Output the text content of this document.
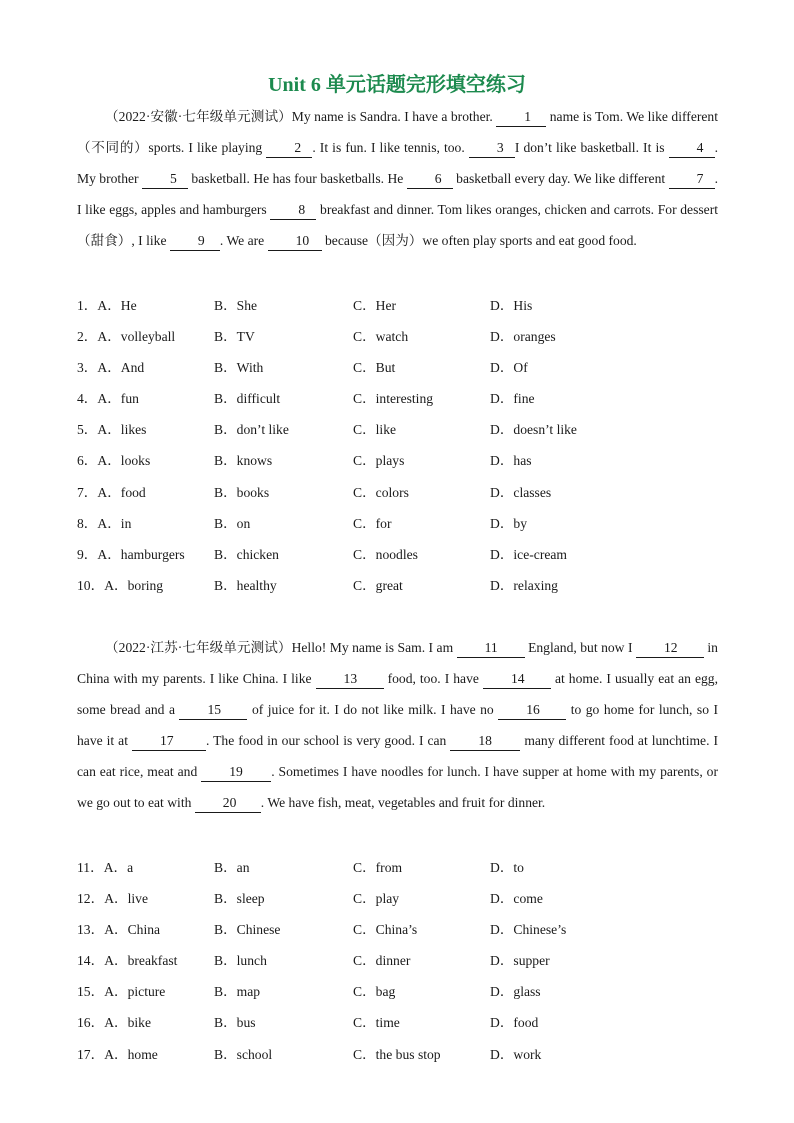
Unit 6 单元话题完形填空练习
（2022·安徽·七年级单元测试）My name is Sandra. I have a brother. 1 name is Tom. We like different（不同的）sports. I like playing 2 . It is fun. I like tennis, too. 3 I don’t like basketball. It is 4 . My brother 5 basketball. He has four basketballs. He 6 basketball every day. We like different 7 . I like eggs, apples and hamburgers 8 breakfast and dinner. Tom likes oranges, chicken and carrots. For dessert（甜食）, I like 9 . We are 10 because（因为）we often play sports and eat good food.
1．A．He	B．She	C．Her	D．His
2．A．volleyball	B．TV	C．watch	D．oranges
3．A．And	B．With	C．But	D．Of
4．A．fun	B．difficult	C．interesting	D．fine
5．A．likes	B．don’t like	C．like	D．doesn’t like
6．A．looks	B．knows	C．plays	D．has
7．A．food	B．books	C．colors	D．classes
8．A．in	B．on	C．for	D．by
9．A．hamburgers B．chicken	C．noodles	D．ice-cream
10．A．boring	B．healthy	C．great	D．relaxing
（2022·江苏·七年级单元测试）Hello! My name is Sam. I am 11 England, but now I 12 in China with my parents. I like China. I like 13 food, too. I have 14 at home. I usually eat an egg, some bread and a 15 of juice for it. I do not like milk. I have no 16 to go home for lunch, so I have it at 17 . The food in our school is very good. I can 18 many different food at lunchtime. I can eat rice, meat and 19 . Sometimes I have noodles for lunch. I have supper at home with my parents, or we go out to eat with 20 . We have fish, meat, vegetables and fruit for dinner.
11．A．a	B．an	C．from	D．to
12．A．live	B．sleep	C．play	D．come
13．A．China	B．Chinese	C．China’s	D．Chinese’s
14．A．breakfast	B．lunch	C．dinner	D．supper
15．A．picture	B．map	C．bag	D．glass
16．A．bike	B．bus	C．time	D．food
17．A．home	B．school	C．the bus stop	D．work
